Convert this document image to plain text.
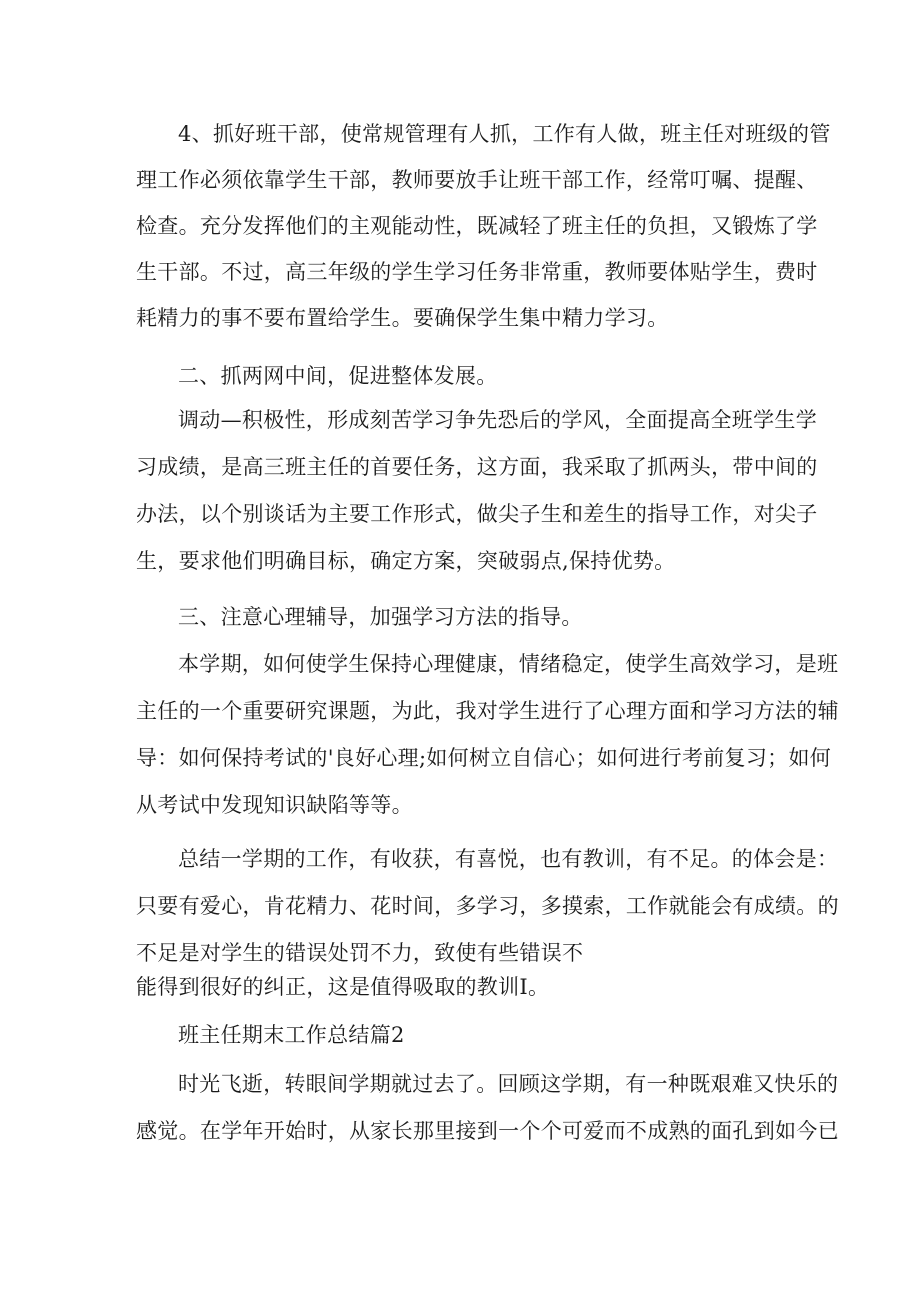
4、抓好班干部，使常规管理有人抓，工作有人做，班主任对班级的管
理工作必须依靠学生干部，教师要放手让班干部工作，经常叮嘱、提醒、
检查。充分发挥他们的主观能动性，既减轻了班主任的负担，又锻炼了学
生干部。不过，高三年级的学生学习任务非常重，教师要体贴学生，费时
耗精力的事不要布置给学生。要确保学生集中精力学习。
二、抓两网中间，促进整体发展。
调动—积极性，形成刻苦学习争先恐后的学风，全面提高全班学生学
习成绩，是高三班主任的首要任务，这方面，我采取了抓两头，带中间的
办法，以个别谈话为主要工作形式，做尖子生和差生的指导工作，对尖子
生，要求他们明确目标，确定方案，突破弱点,保持优势。
三、注意心理辅导，加强学习方法的指导。
本学期，如何使学生保持心理健康，情绪稳定，使学生高效学习，是班
主任的一个重要研究课题，为此，我对学生进行了心理方面和学习方法的辅
导：如何保持考试的'良好心理;如何树立自信心；如何进行考前复习；如何
从考试中发现知识缺陷等等。
总结一学期的工作，有收获，有喜悦，也有教训，有不足。的体会是：
只要有爱心，肯花精力、花时间，多学习，多摸索，工作就能会有成绩。的
不足是对学生的错误处罚不力，致使有些错误不
能得到很好的纠正，这是值得吸取的教训I。
班主任期末工作总结篇2
时光飞逝，转眼间学期就过去了。回顾这学期，有一种既艰难又快乐的
感觉。在学年开始时，从家长那里接到一个个可爱而不成熟的面孔到如今已
